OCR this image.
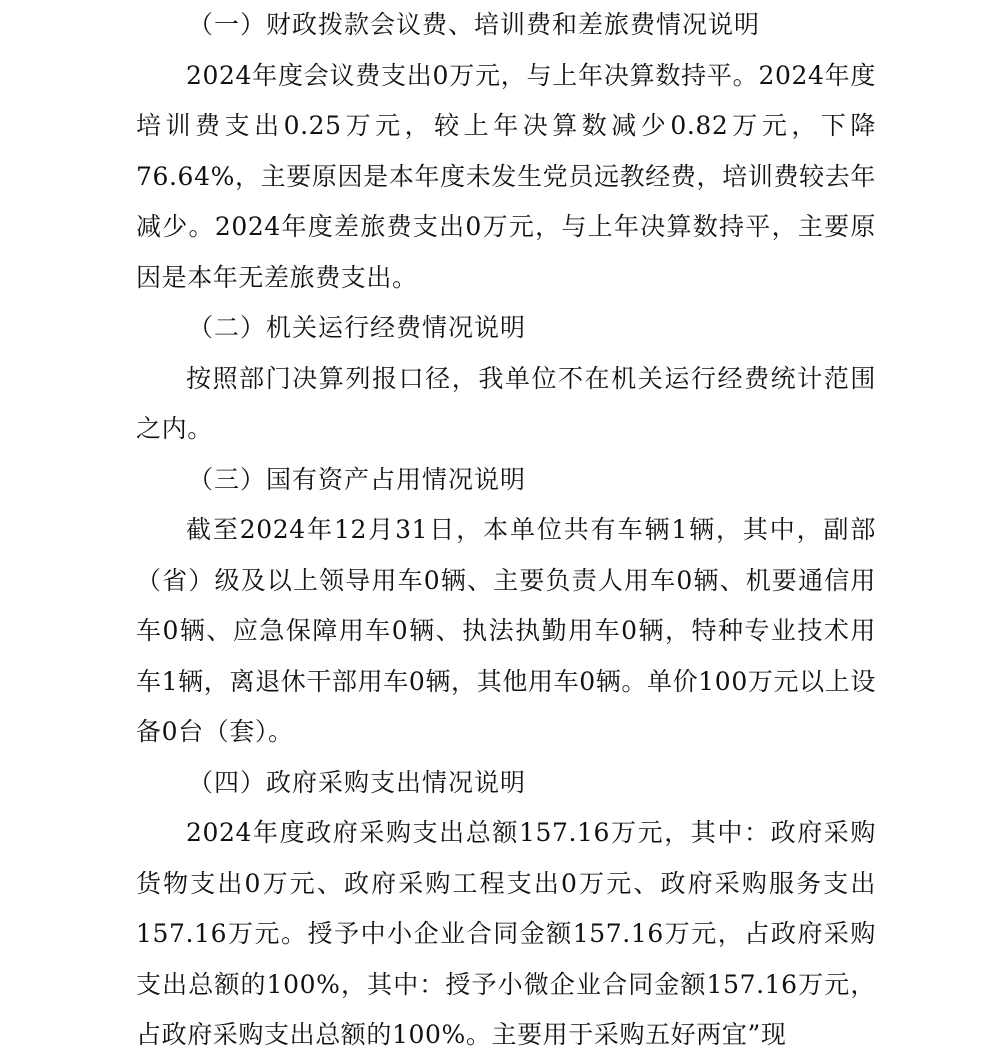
（一）财政拨款会议费、培训费和差旅费情况说明

2024年度会议费支出0万元，与上年决算数持平。2024年度培训费支出0.25万元，较上年决算数减少0.82万元，下降76.64%，主要原因是本年度未发生党员远教经费，培训费较去年减少。2024年度差旅费支出0万元，与上年决算数持平，主要原因是本年无差旅费支出。

（二）机关运行经费情况说明

按照部门决算列报口径，我单位不在机关运行经费统计范围之内。

（三）国有资产占用情况说明

截至2024年12月31日，本单位共有车辆1辆，其中，副部（省）级及以上领导用车0辆、主要负责人用车0辆、机要通信用车0辆、应急保障用车0辆、执法执勤用车0辆，特种专业技术用车1辆，离退休干部用车0辆，其他用车0辆。单价100万元以上设备0台（套）。

（四）政府采购支出情况说明

2024年度政府采购支出总额157.16万元，其中：政府采购货物支出0万元、政府采购工程支出0万元、政府采购服务支出157.16万元。授予中小企业合同金额157.16万元，占政府采购支出总额的100%，其中：授予小微企业合同金额157.16万元，占政府采购支出总额的100%。主要用于采购五好两宜”现
